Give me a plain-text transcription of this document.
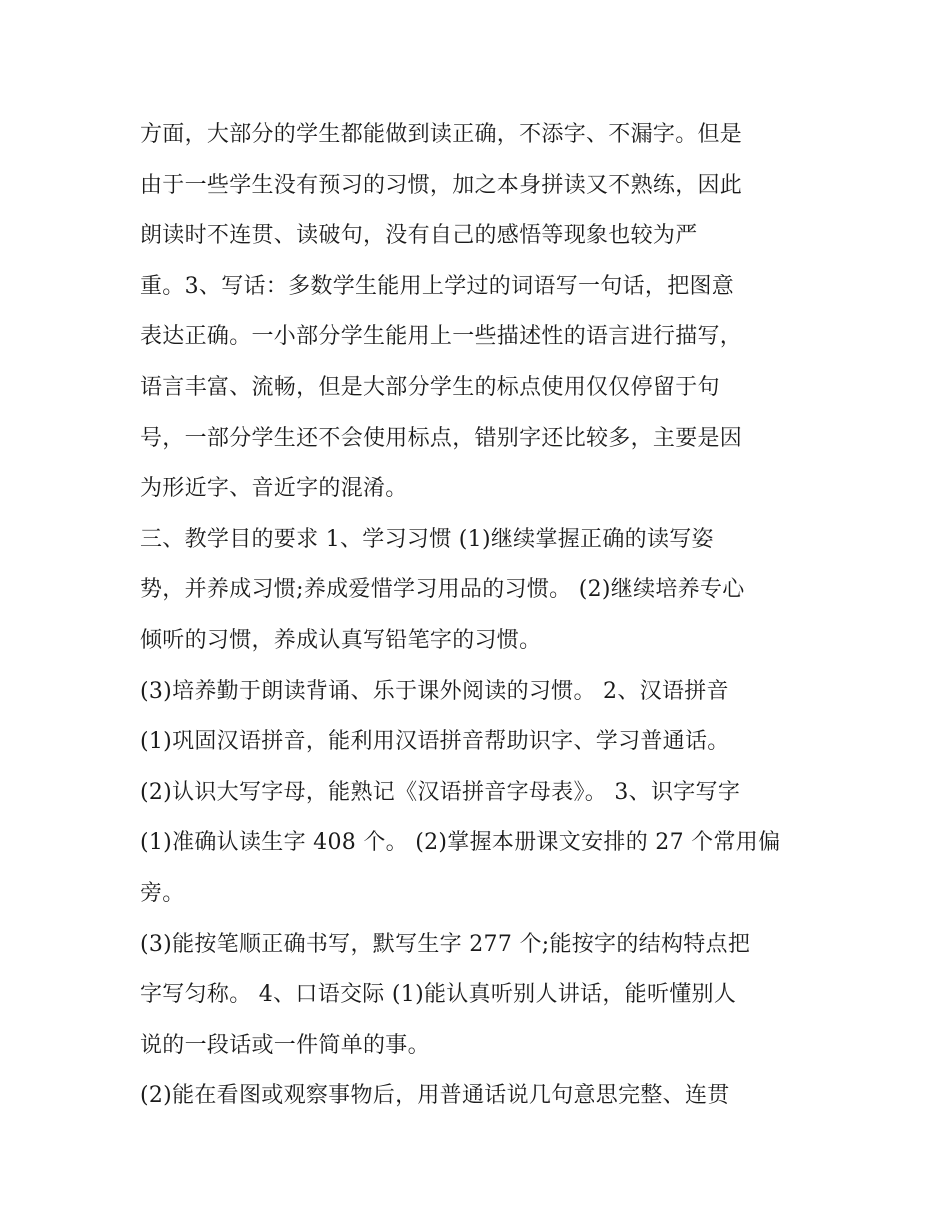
方面，大部分的学生都能做到读正确，不添字、不漏字。但是
由于一些学生没有预习的习惯，加之本身拼读又不熟练，因此
朗读时不连贯、读破句，没有自己的感悟等现象也较为严
重。3、写话：多数学生能用上学过的词语写一句话，把图意
表达正确。一小部分学生能用上一些描述性的语言进行描写，
语言丰富、流畅，但是大部分学生的标点使用仅仅停留于句
号，一部分学生还不会使用标点，错别字还比较多，主要是因
为形近字、音近字的混淆。
三、教学目的要求 1、学习习惯 (1)继续掌握正确的读写姿
势，并养成习惯;养成爱惜学习用品的习惯。 (2)继续培养专心
倾听的习惯，养成认真写铅笔字的习惯。
(3)培养勤于朗读背诵、乐于课外阅读的习惯。 2、汉语拼音
(1)巩固汉语拼音，能利用汉语拼音帮助识字、学习普通话。
(2)认识大写字母，能熟记《汉语拼音字母表》。 3、识字写字
(1)准确认读生字 408 个。 (2)掌握本册课文安排的 27 个常用偏
旁。
(3)能按笔顺正确书写，默写生字 277 个;能按字的结构特点把
字写匀称。 4、口语交际 (1)能认真听别人讲话，能听懂别人
说的一段话或一件简单的事。
(2)能在看图或观察事物后，用普通话说几句意思完整、连贯
